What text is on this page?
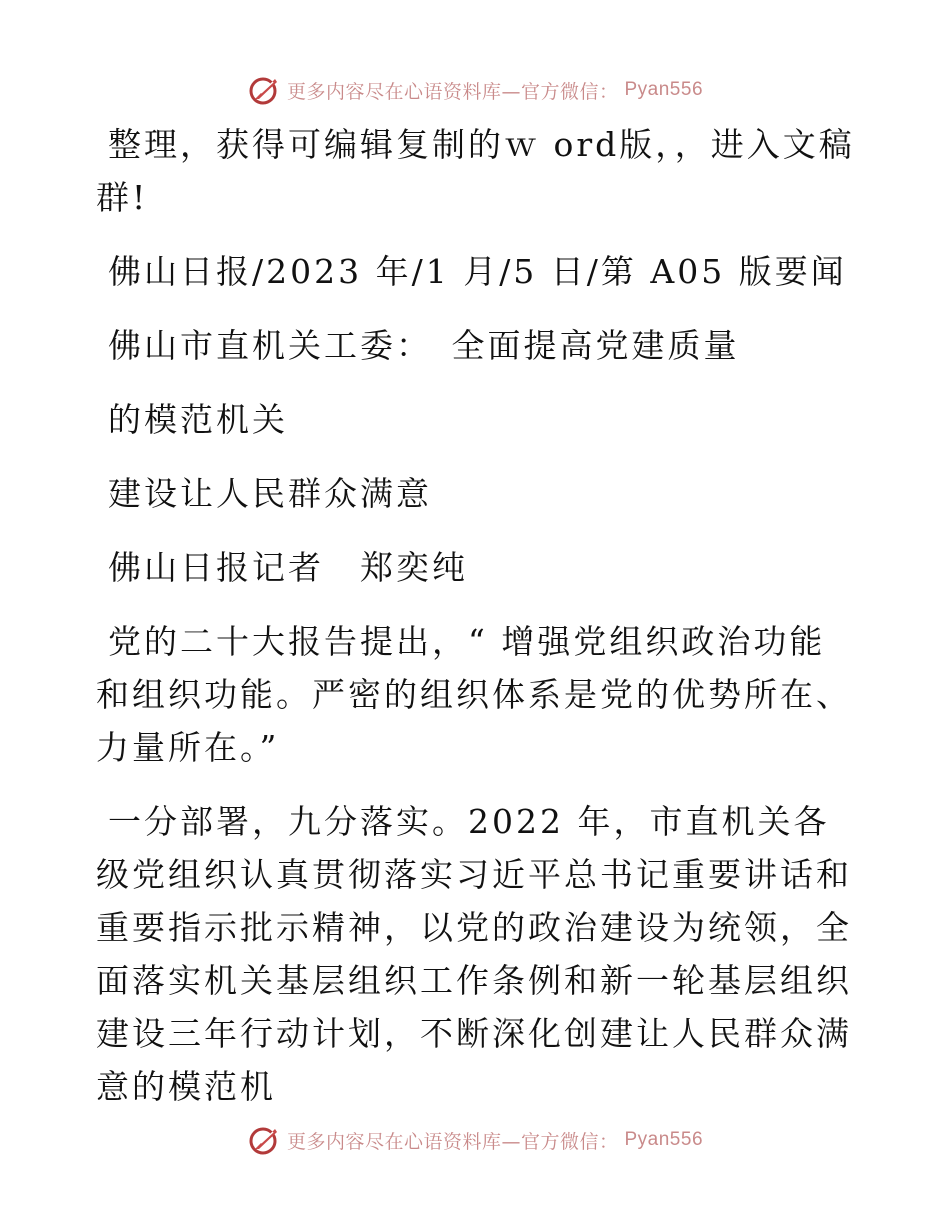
更多内容尽在心语资料库—官方微信： Pyan556

整理，获得可编辑复制的ｗ ord版，，进入文稿群!

佛山日报/2023 年/1 月/5 日/第 A05 版要闻

佛山市直机关工委：　全面提高党建质量

的模范机关

建设让人民群众满意

佛山日报记者　郑奕纯

党的二十大报告提出，“ 增强党组织政治功能和组织功能。严密的组织体系是党的优势所在、力量所在。”

一分部署，九分落实。2022 年，市直机关各级党组织认真贯彻落实习近平总书记重要讲话和重要指示批示精神，以党的政治建设为统领，全面落实机关基层组织工作条例和新一轮基层组织建设三年行动计划，不断深化创建让人民群众满意的模范机

更多内容尽在心语资料库—官方微信： Pyan556
